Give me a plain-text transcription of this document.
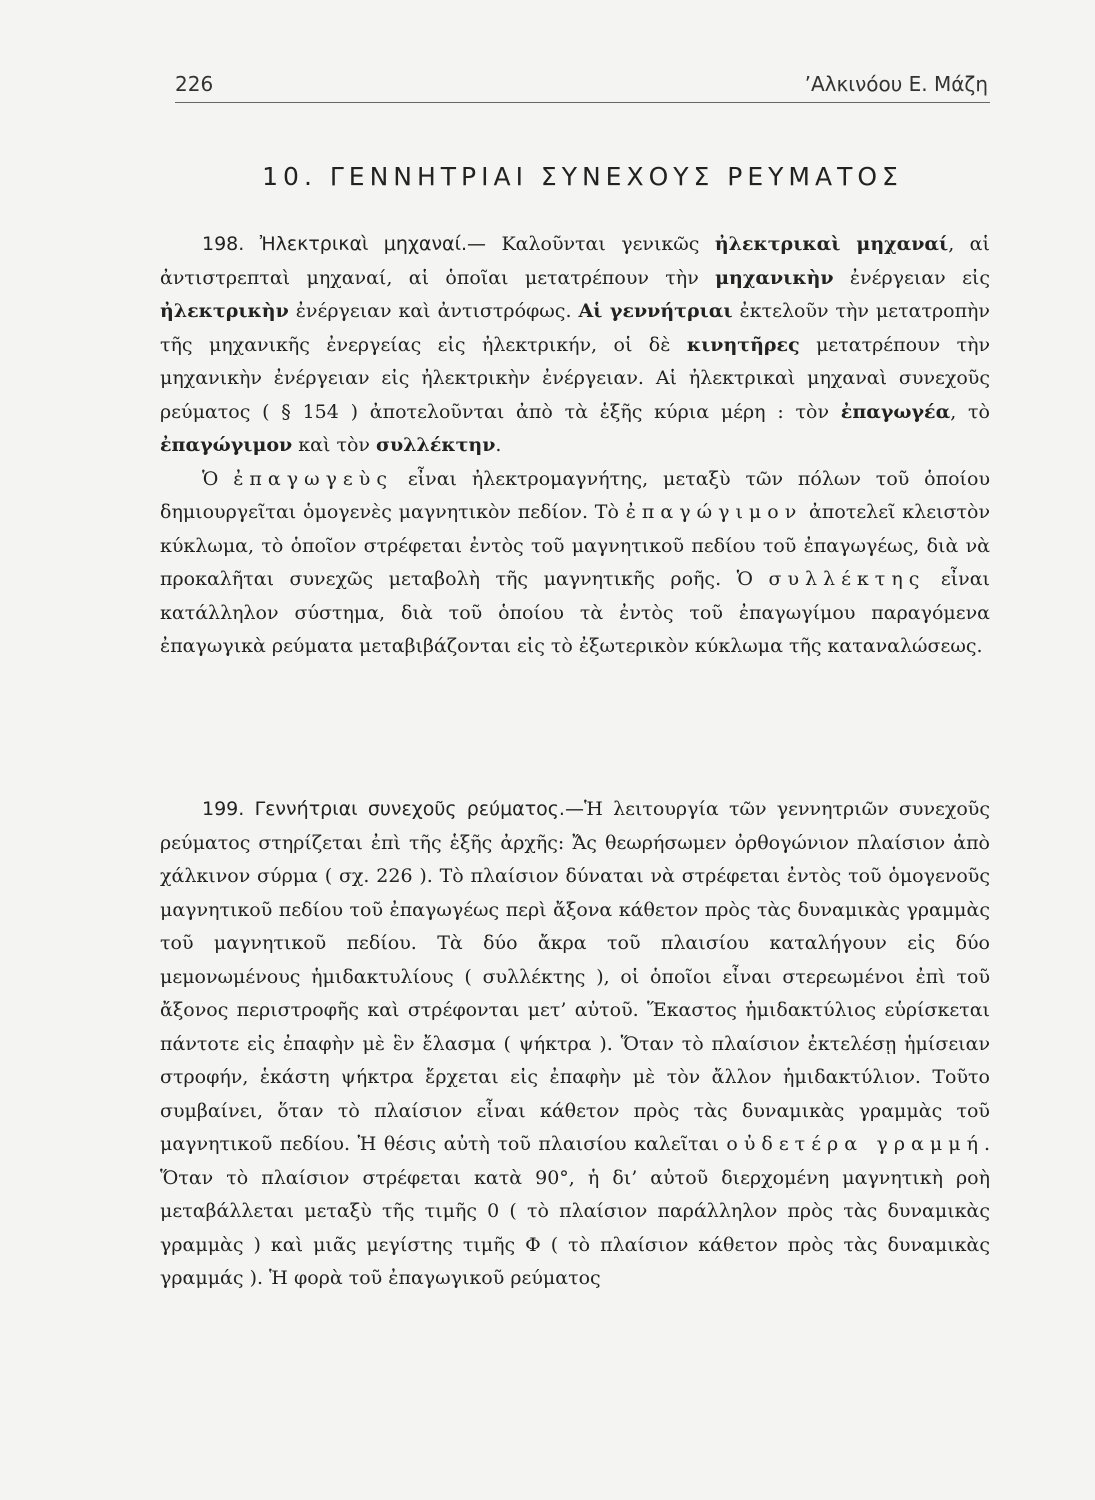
226	’Αλκινόου Ε. Μάζη
10. ΓΕΝΝΗΤΡΙΑΙ ΣΥΝΕΧΟΥΣ ΡΕΥΜΑΤΟΣ

198. Ἠλεκτρικαὶ μηχαναί.— Καλοῦνται γενικῶς ἠλεκτρικαὶ μηχαναί, αἱ ἀντιστρεπταὶ μηχαναί, αἱ ὁποῖαι μετατρέπουν τὴν μηχανικὴν ἐνέργειαν εἰς ἠλεκτρικὴν ἐνέργειαν καὶ ἀντιστρόφως. Αἱ γεννήτριαι ἐκτελοῦν τὴν μετατροπὴν τῆς μηχανικῆς ἐνεργείας εἰς ἠλεκτρικήν, οἱ δὲ κινητῆρες μετατρέπουν τὴν μηχανικὴν ἐνέργειαν εἰς ἠλεκτρικὴν ἐνέργειαν. Αἱ ἠλεκτρικαὶ μηχαναὶ συνεχοῦς ρεύματος ( § 154 ) ἀποτελοῦνται ἀπὸ τὰ ἑξῆς κύρια μέρη : τὸν ἐπαγωγέα, τὸ ἐπαγώγιμον καὶ τὸν συλλέκτην.

Ὁ ἐπαγωγεὺς εἶναι ἠλεκτρομαγνήτης, μεταξὺ τῶν πόλων τοῦ ὁποίου δημιουργεῖται ὁμογενὲς μαγνητικὸν πεδίον. Τὸ ἐπαγώγιμον ἀποτελεῖ κλειστὸν κύκλωμα, τὸ ὁποῖον στρέφεται ἐντὸς τοῦ μαγνητικοῦ πεδίου τοῦ ἐπαγωγέως, διὰ νὰ προκαλῆται συνεχῶς μεταβολὴ τῆς μαγνητικῆς ροῆς. Ὁ συλλέκτης εἶναι κατάλληλον σύστημα, διὰ τοῦ ὁποίου τὰ ἐντὸς τοῦ ἐπαγωγίμου παραγόμενα ἐπαγωγικὰ ρεύματα μεταβιβάζονται εἰς τὸ ἐξωτερικὸν κύκλωμα τῆς καταναλώσεως.

199. Γεννήτριαι συνεχοῦς ρεύματος.—Ἡ λειτουργία τῶν γεννητριῶν συνεχοῦς ρεύματος στηρίζεται ἐπὶ τῆς ἑξῆς ἀρχῆς: Ἄς θεωρήσωμεν ὀρθογώνιον πλαίσιον ἀπὸ χάλκινον σύρμα ( σχ. 226 ). Τὸ πλαίσιον δύναται νὰ στρέφεται ἐντὸς τοῦ ὁμογενοῦς μαγνητικοῦ πεδίου τοῦ ἐπαγωγέως περὶ ἄξονα κάθετον πρὸς τὰς δυναμικὰς γραμμὰς τοῦ μαγνητικοῦ πεδίου. Τὰ δύο ἄκρα τοῦ πλαισίου καταλήγουν εἰς δύο μεμονωμένους ἡμιδακτυλίους ( συλλέκτης ), οἱ ὁποῖοι εἶναι στερεωμένοι ἐπὶ τοῦ ἄξονος περιστροφῆς καὶ στρέφονται μετ’ αὐτοῦ. Ἕκαστος ἡμιδακτύλιος εὑρίσκεται πάντοτε εἰς ἐπαφὴν μὲ ἓν ἔλασμα ( ψήκτρα ). Ὅταν τὸ πλαίσιον ἐκτελέσῃ ἡμίσειαν στροφήν, ἑκάστη ψήκτρα ἔρχεται εἰς ἐπαφὴν μὲ τὸν ἄλλον ἡμιδακτύλιον. Τοῦτο συμβαίνει, ὅταν τὸ πλαίσιον εἶναι κάθετον πρὸς τὰς δυναμικὰς γραμμὰς τοῦ μαγνητικοῦ πεδίου. Ἡ θέσις αὐτὴ τοῦ πλαισίου καλεῖται οὐδετέρα γραμμή. Ὅταν τὸ πλαίσιον στρέφεται κατὰ 90°, ἡ δι’ αὐτοῦ διερχομένη μαγνητικὴ ροὴ μεταβάλλεται μεταξὺ τῆς τιμῆς 0 ( τὸ πλαίσιον παράλληλον πρὸς τὰς δυναμικὰς γραμμὰς ) καὶ μιᾶς μεγίστης τιμῆς Φ ( τὸ πλαίσιον κάθετον πρὸς τὰς δυναμικὰς γραμμάς ). Ἡ φορὰ τοῦ ἐπαγωγικοῦ ρεύματος
